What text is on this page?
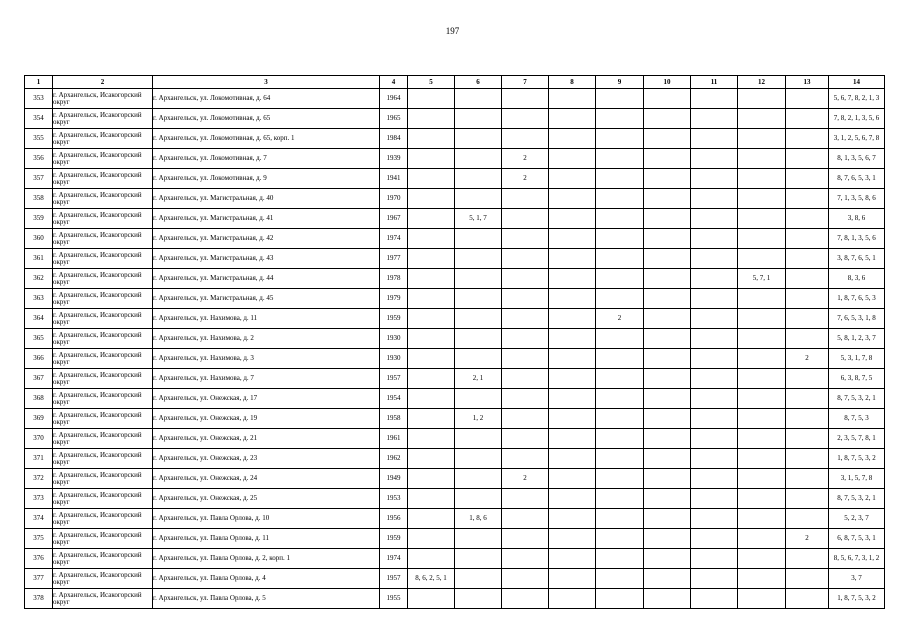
197
1	2	3	4	5	6	7	8	9	10	11	12	13	14
353	г. Архангельск, Исакогорский округ	г. Архангельск, ул. Локомотивная, д. 64	1964										5, 6, 7, 8, 2, 1, 3
354	г. Архангельск, Исакогорский округ	г. Архангельск, ул. Локомотивная, д. 65	1965										7, 8, 2, 1, 3, 5, 6
355	г. Архангельск, Исакогорский округ	г. Архангельск, ул. Локомотивная, д. 65, корп. 1	1984										3, 1, 2, 5, 6, 7, 8
356	г. Архангельск, Исакогорский округ	г. Архангельск, ул. Локомотивная, д. 7	1939			2							8, 1, 3, 5, 6, 7
357	г. Архангельск, Исакогорский округ	г. Архангельск, ул. Локомотивная, д. 9	1941			2							8, 7, 6, 5, 3, 1
358	г. Архангельск, Исакогорский округ	г. Архангельск, ул. Магистральная, д. 40	1970										7, 1, 3, 5, 8, 6
359	г. Архангельск, Исакогорский округ	г. Архангельск, ул. Магистральная, д. 41	1967		5, 1, 7								3, 8, 6
360	г. Архангельск, Исакогорский округ	г. Архангельск, ул. Магистральная, д. 42	1974										7, 8, 1, 3, 5, 6
361	г. Архангельск, Исакогорский округ	г. Архангельск, ул. Магистральная, д. 43	1977										3, 8, 7, 6, 5, 1
362	г. Архангельск, Исакогорский округ	г. Архангельск, ул. Магистральная, д. 44	1978								5, 7, 1		8, 3, 6
363	г. Архангельск, Исакогорский округ	г. Архангельск, ул. Магистральная, д. 45	1979										1, 8, 7, 6, 5, 3
364	г. Архангельск, Исакогорский округ	г. Архангельск, ул. Нахимова, д. 11	1959					2					7, 6, 5, 3, 1, 8
365	г. Архангельск, Исакогорский округ	г. Архангельск, ул. Нахимова, д. 2	1930										5, 8, 1, 2, 3, 7
366	г. Архангельск, Исакогорский округ	г. Архангельск, ул. Нахимова, д. 3	1930									2	5, 3, 1, 7, 8
367	г. Архангельск, Исакогорский округ	г. Архангельск, ул. Нахимова, д. 7	1957		2, 1								6, 3, 8, 7, 5
368	г. Архангельск, Исакогорский округ	г. Архангельск, ул. Онежская, д. 17	1954										8, 7, 5, 3, 2, 1
369	г. Архангельск, Исакогорский округ	г. Архангельск, ул. Онежская, д. 19	1958		1, 2								8, 7, 5, 3
370	г. Архангельск, Исакогорский округ	г. Архангельск, ул. Онежская, д. 21	1961										2, 3, 5, 7, 8, 1
371	г. Архангельск, Исакогорский округ	г. Архангельск, ул. Онежская, д. 23	1962										1, 8, 7, 5, 3, 2
372	г. Архангельск, Исакогорский округ	г. Архангельск, ул. Онежская, д. 24	1949			2							3, 1, 5, 7, 8
373	г. Архангельск, Исакогорский округ	г. Архангельск, ул. Онежская, д. 25	1953										8, 7, 5, 3, 2, 1
374	г. Архангельск, Исакогорский округ	г. Архангельск, ул. Павла Орлова, д. 10	1956		1, 8, 6								5, 2, 3, 7
375	г. Архангельск, Исакогорский округ	г. Архангельск, ул. Павла Орлова, д. 11	1959									2	6, 8, 7, 5, 3, 1
376	г. Архангельск, Исакогорский округ	г. Архангельск, ул. Павла Орлова, д. 2, корп. 1	1974										8, 5, 6, 7, 3, 1, 2
377	г. Архангельск, Исакогорский округ	г. Архангельск, ул. Павла Орлова, д. 4	1957	8, 6, 2, 5, 1									3, 7
378	г. Архангельск, Исакогорский округ	г. Архангельск, ул. Павла Орлова, д. 5	1955										1, 8, 7, 5, 3, 2
